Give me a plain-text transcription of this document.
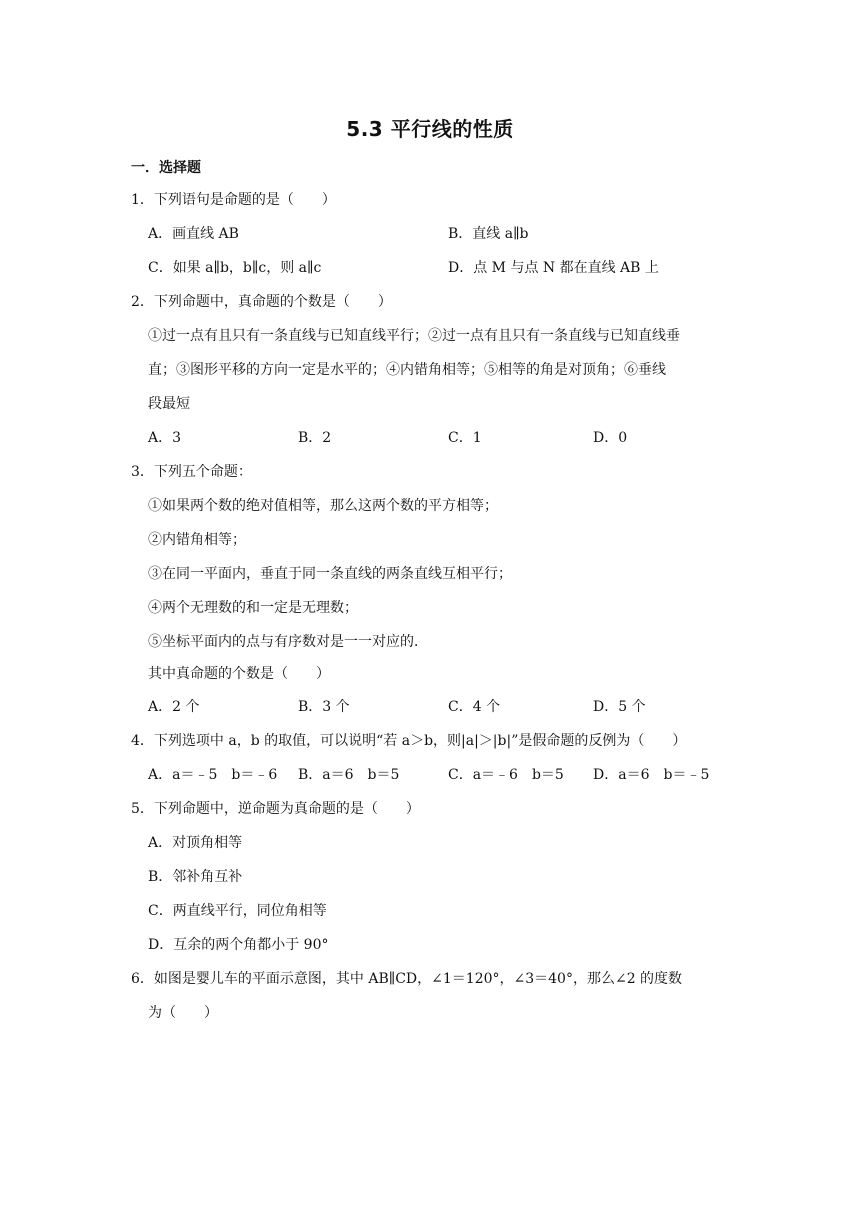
5.3 平行线的性质
一．选择题
1．下列语句是命题的是（　　）
A．画直线 AB	B．直线 a∥b
C．如果 a∥b，b∥c，则 a∥c	D．点 M 与点 N 都在直线 AB 上
2．下列命题中，真命题的个数是（　　）
①过一点有且只有一条直线与已知直线平行；②过一点有且只有一条直线与已知直线垂
直；③图形平移的方向一定是水平的；④内错角相等；⑤相等的角是对顶角；⑥垂线
段最短
A．3	B．2	C．1	D．0
3．下列五个命题：
①如果两个数的绝对值相等，那么这两个数的平方相等；
②内错角相等；
③在同一平面内，垂直于同一条直线的两条直线互相平行；
④两个无理数的和一定是无理数；
⑤坐标平面内的点与有序数对是一一对应的．
其中真命题的个数是（　　）
A．2 个	B．3 个	C．4 个	D．5 个
4．下列选项中 a，b 的取值，可以说明“若 a＞b，则|a|＞|b|”是假命题的反例为（　　）
A．a＝﹣5　b＝﹣6 B．a＝6　b＝5	C．a＝﹣6　b＝5 D．a＝6　b＝﹣5
5．下列命题中，逆命题为真命题的是（　　）
A．对顶角相等
B．邻补角互补
C．两直线平行，同位角相等
D．互余的两个角都小于 90°
6．如图是婴儿车的平面示意图，其中 AB∥CD，∠1＝120°，∠3＝40°，那么∠2 的度数
为（　　）
